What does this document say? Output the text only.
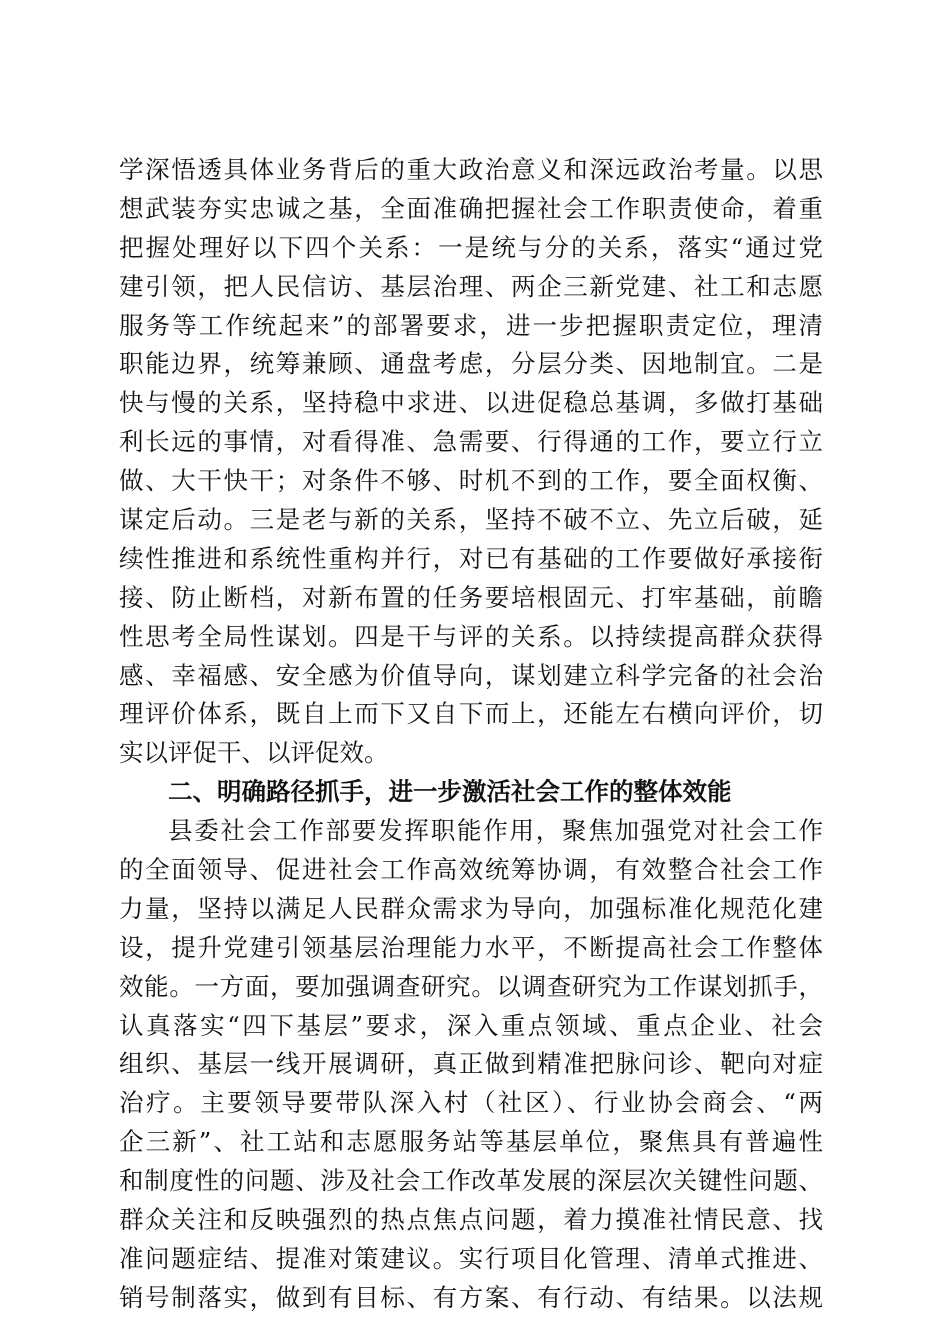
学深悟透具体业务背后的重大政治意义和深远政治考量。以思
想武装夯实忠诚之基，全面准确把握社会工作职责使命，着重
把握处理好以下四个关系：一是统与分的关系，落实“通过党
建引领，把人民信访、基层治理、两企三新党建、社工和志愿
服务等工作统起来”的部署要求，进一步把握职责定位，理清
职能边界，统筹兼顾、通盘考虑，分层分类、因地制宜。二是
快与慢的关系，坚持稳中求进、以进促稳总基调，多做打基础
利长远的事情，对看得准、急需要、行得通的工作，要立行立
做、大干快干；对条件不够、时机不到的工作，要全面权衡、
谋定后动。三是老与新的关系，坚持不破不立、先立后破，延
续性推进和系统性重构并行，对已有基础的工作要做好承接衔
接、防止断档，对新布置的任务要培根固元、打牢基础，前瞻
性思考全局性谋划。四是干与评的关系。以持续提高群众获得
感、幸福感、安全感为价值导向，谋划建立科学完备的社会治
理评价体系，既自上而下又自下而上，还能左右横向评价，切
实以评促干、以评促效。
二、明确路径抓手，进一步激活社会工作的整体效能
县委社会工作部要发挥职能作用，聚焦加强党对社会工作
的全面领导、促进社会工作高效统筹协调，有效整合社会工作
力量，坚持以满足人民群众需求为导向，加强标准化规范化建
设，提升党建引领基层治理能力水平，不断提高社会工作整体
效能。一方面，要加强调查研究。以调查研究为工作谋划抓手，
认真落实“四下基层”要求，深入重点领域、重点企业、社会
组织、基层一线开展调研，真正做到精准把脉问诊、靶向对症
治疗。主要领导要带队深入村（社区）、行业协会商会、“两
企三新”、社工站和志愿服务站等基层单位，聚焦具有普遍性
和制度性的问题、涉及社会工作改革发展的深层次关键性问题、
群众关注和反映强烈的热点焦点问题，着力摸准社情民意、找
准问题症结、提准对策建议。实行项目化管理、清单式推进、
销号制落实，做到有目标、有方案、有行动、有结果。以法规
